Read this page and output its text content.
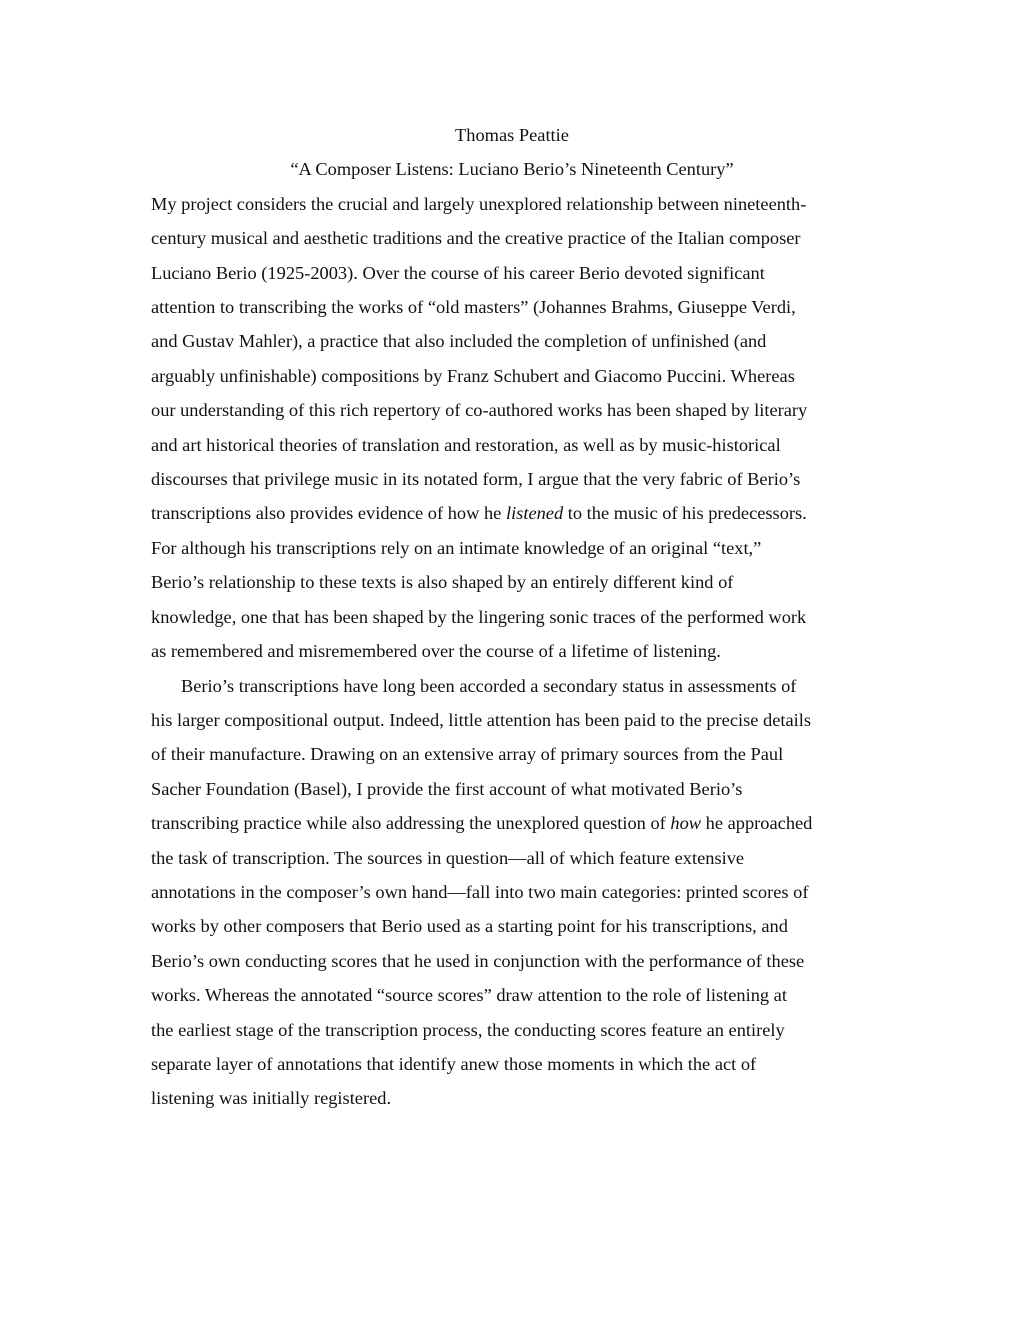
Thomas Peattie

“A Composer Listens: Luciano Berio’s Nineteenth Century”

My project considers the crucial and largely unexplored relationship between nineteenth-
century musical and aesthetic traditions and the creative practice of the Italian composer
Luciano Berio (1925-2003). Over the course of his career Berio devoted significant
attention to transcribing the works of “old masters” (Johannes Brahms, Giuseppe Verdi,
and Gustav Mahler), a practice that also included the completion of unfinished (and
arguably unfinishable) compositions by Franz Schubert and Giacomo Puccini. Whereas
our understanding of this rich repertory of co-authored works has been shaped by literary
and art historical theories of translation and restoration, as well as by music-historical
discourses that privilege music in its notated form, I argue that the very fabric of Berio’s
transcriptions also provides evidence of how he listened to the music of his predecessors.
For although his transcriptions rely on an intimate knowledge of an original “text,”
Berio’s relationship to these texts is also shaped by an entirely different kind of
knowledge, one that has been shaped by the lingering sonic traces of the performed work
as remembered and misremembered over the course of a lifetime of listening.

Berio’s transcriptions have long been accorded a secondary status in assessments of
his larger compositional output. Indeed, little attention has been paid to the precise details
of their manufacture. Drawing on an extensive array of primary sources from the Paul
Sacher Foundation (Basel), I provide the first account of what motivated Berio’s
transcribing practice while also addressing the unexplored question of how he approached
the task of transcription. The sources in question—all of which feature extensive
annotations in the composer’s own hand—fall into two main categories: printed scores of
works by other composers that Berio used as a starting point for his transcriptions, and
Berio’s own conducting scores that he used in conjunction with the performance of these
works. Whereas the annotated “source scores” draw attention to the role of listening at
the earliest stage of the transcription process, the conducting scores feature an entirely
separate layer of annotations that identify anew those moments in which the act of
listening was initially registered.
